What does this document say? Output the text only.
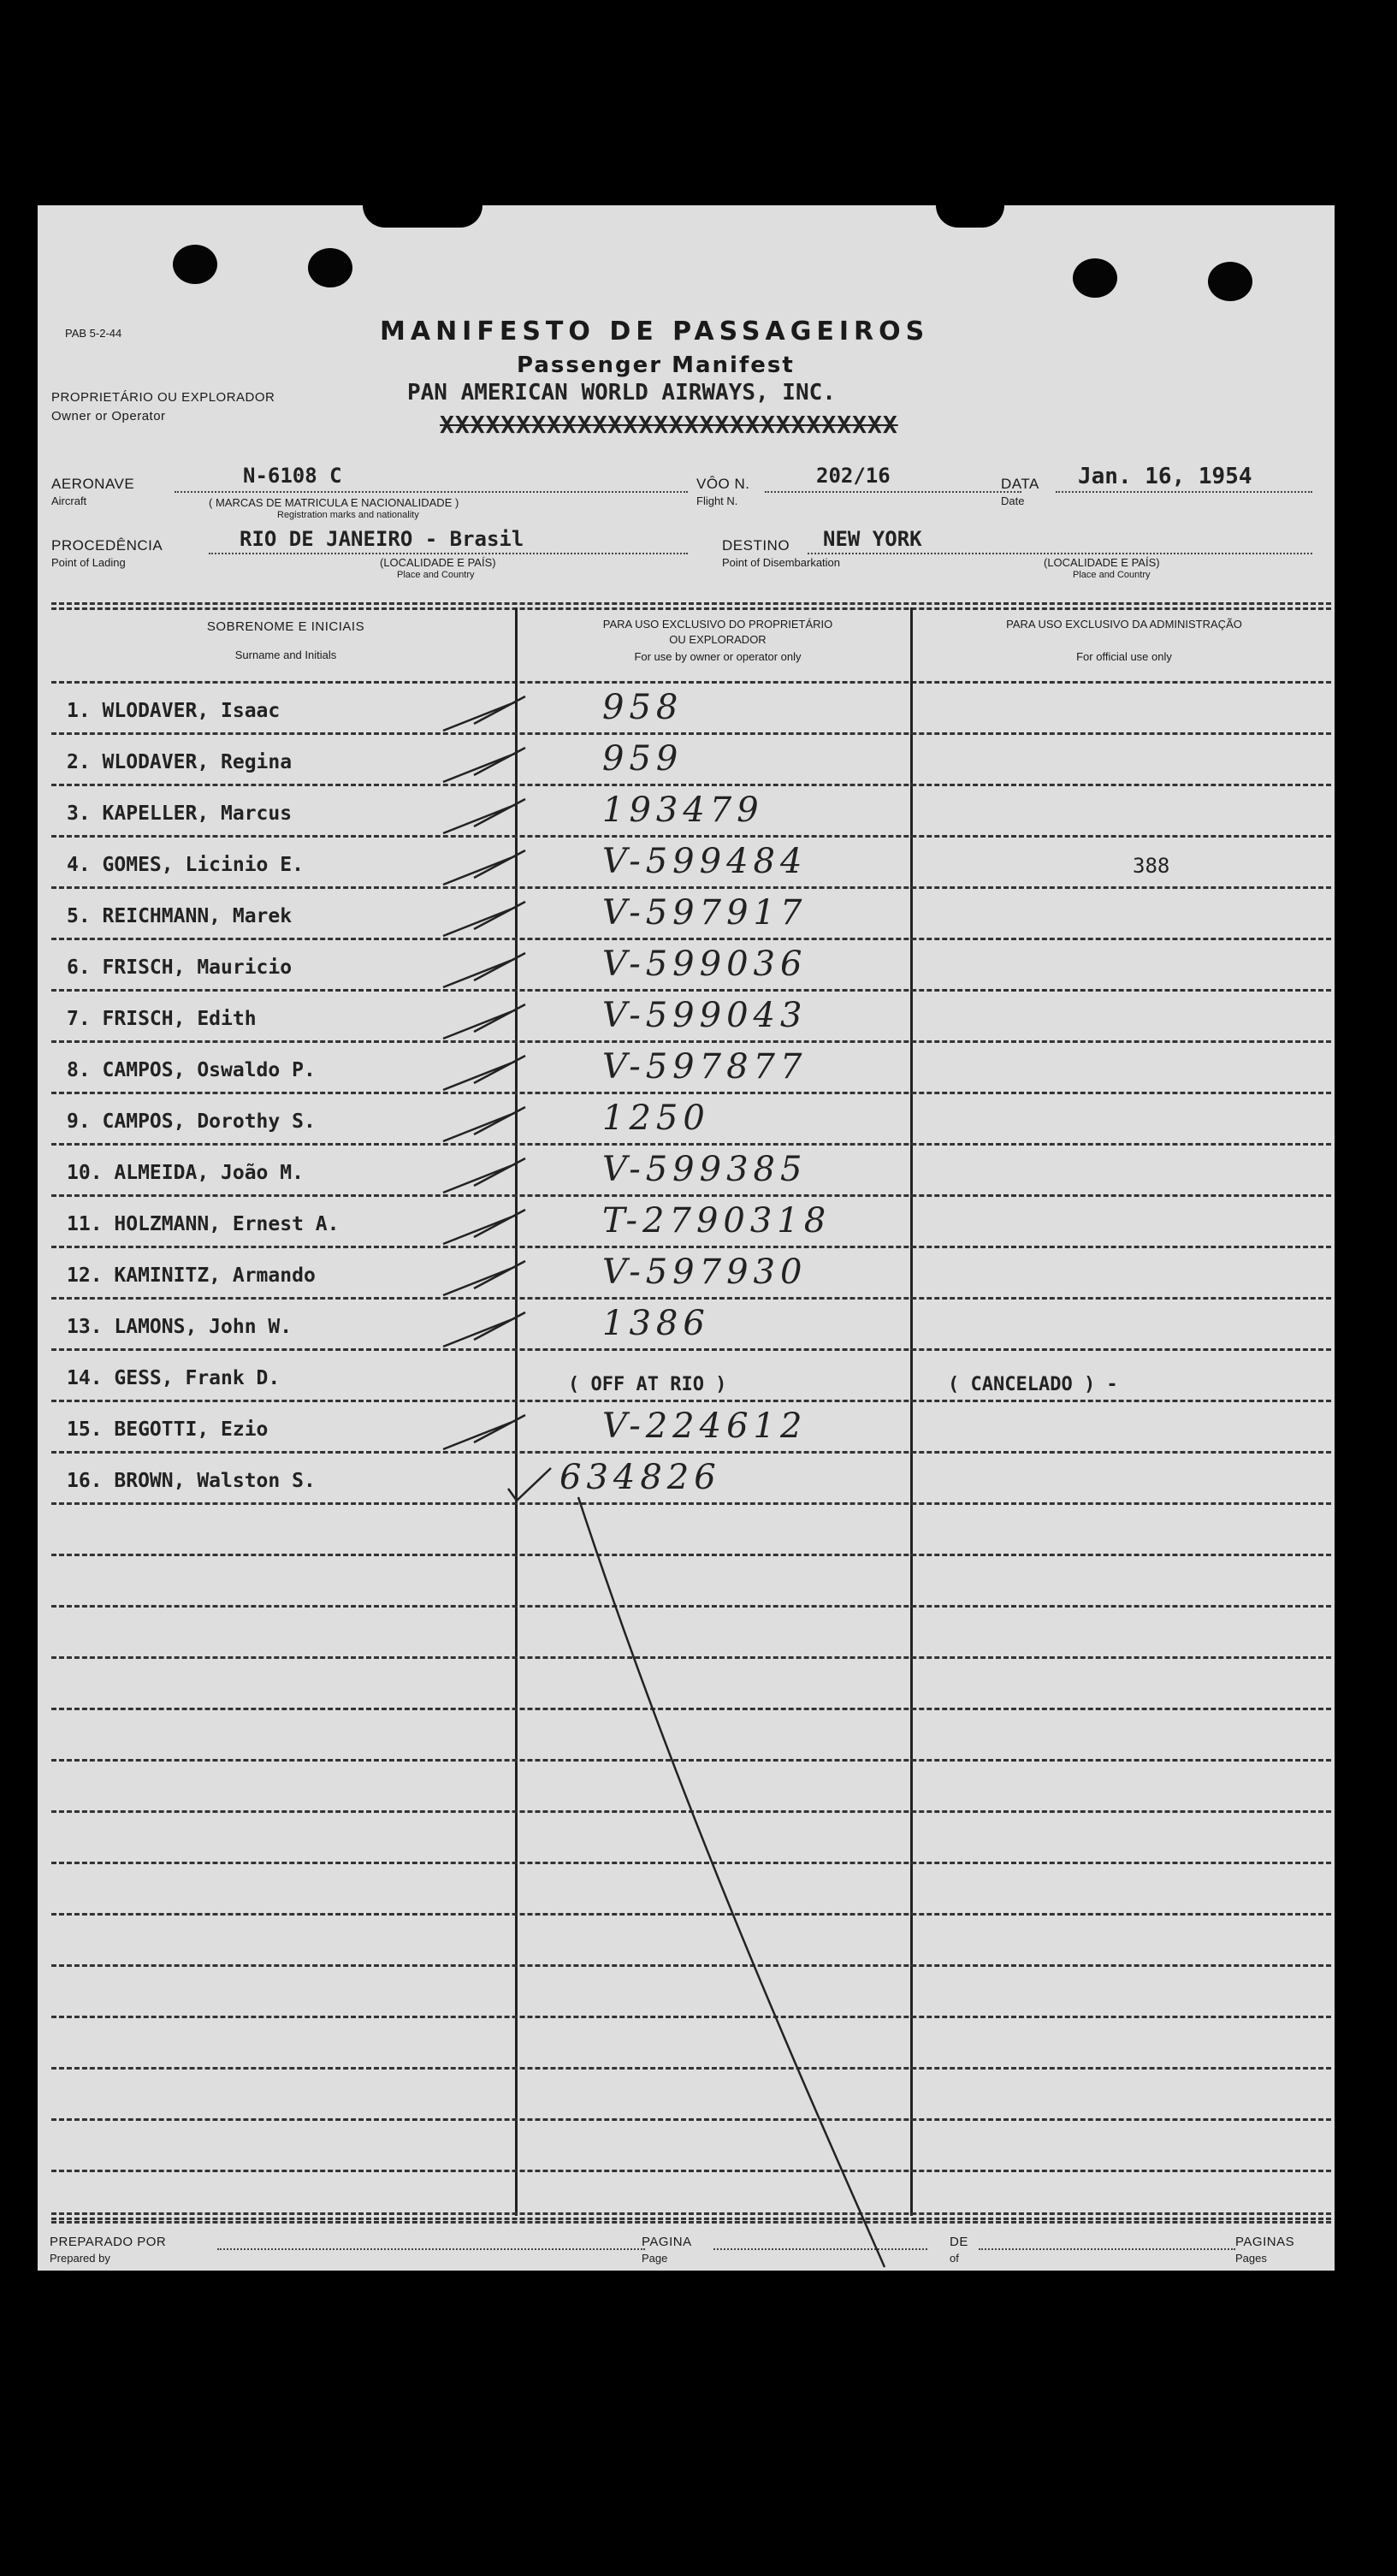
PAB 5-2-44	MANIFESTO DE PASSAGEIROS
Passenger Manifest
PROPRIETÁRIO OU EXPLORADOR
Owner or Operator
PAN AMERICAN WORLD AIRWAYS, INC.
XXXXXXXXXXXXXXXXXXXXXXXXXXXXXX
AERONAVE
Aircraft
N-6108 C
( MARCAS DE MATRICULA E NACIONALIDADE )
Registration marks and nationality
VÔO N.
Flight N.
202/16	DATA
Date
Jan. 16, 1954
PROCEDÊNCIA
Point of Lading
RIO DE JANEIRO - Brasil
(LOCALIDADE E PAÍS)
Place and Country
DESTINO
Point of Disembarkation
NEW YORK
(LOCALIDADE E PAÍS)
Place and Country
SOBRENOME E INICIAIS
Surname and Initials
PARA USO EXCLUSIVO DO PROPRIETÁRIO
OU EXPLORADOR
For use by owner or operator only
PARA USO EXCLUSIVO DA ADMINISTRAÇÃO
For official use only
1. WLODAVER, Isaac	958
2. WLODAVER, Regina	959
3. KAPELLER, Marcus	193479
4. GOMES, Licinio E.	V-599484	388
5. REICHMANN, Marek	V-597917
6. FRISCH, Mauricio	V-599036
7. FRISCH, Edith	V-599043
8. CAMPOS, Oswaldo P.	V-597877
9. CAMPOS, Dorothy S.	1250
10. ALMEIDA, João M.	V-599385
11. HOLZMANN, Ernest A.	T-2790318
12. KAMINITZ, Armando	V-597930
13. LAMONS, John W.	1386
14. GESS, Frank D.	( OFF AT RIO )	( CANCELADO ) -
15. BEGOTTI, Ezio	V-224612
16. BROWN, Walston S.	634826
PREPARADO POR
Prepared by
PAGINA
Page
DE
of
PAGINAS
Pages
